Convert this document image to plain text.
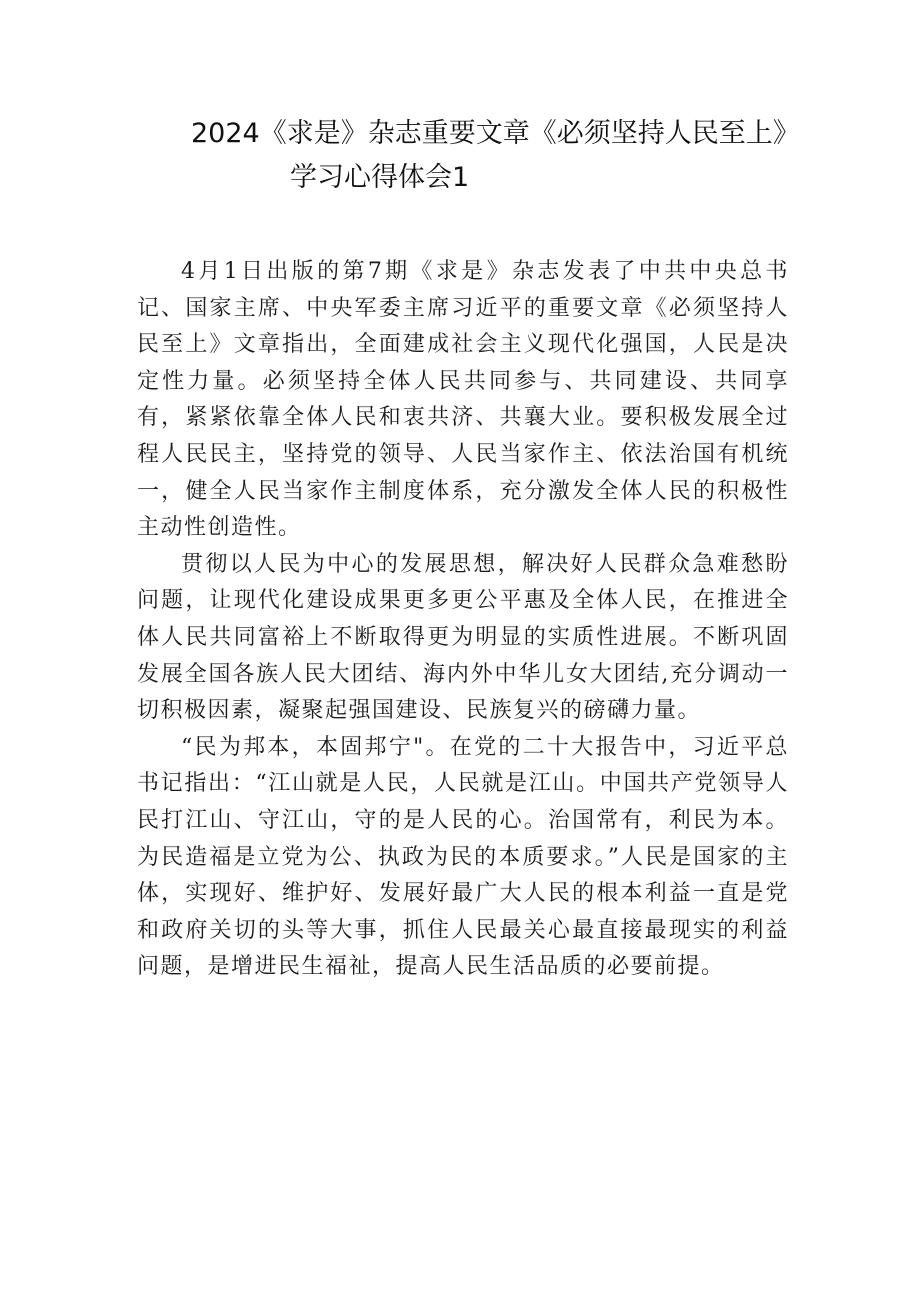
2024《求是》杂志重要文章《必须坚持人民至上》
学习心得体会1

4月1日出版的第7期《求是》杂志发表了中共中央总书记、国家主席、中央军委主席习近平的重要文章《必须坚持人民至上》文章指出，全面建成社会主义现代化强国，人民是决定性力量。必须坚持全体人民共同参与、共同建设、共同享有，紧紧依靠全体人民和衷共济、共襄大业。要积极发展全过程人民民主，坚持党的领导、人民当家作主、依法治国有机统一，健全人民当家作主制度体系，充分激发全体人民的积极性主动性创造性。

贯彻以人民为中心的发展思想，解决好人民群众急难愁盼问题，让现代化建设成果更多更公平惠及全体人民，在推进全体人民共同富裕上不断取得更为明显的实质性进展。不断巩固发展全国各族人民大团结、海内外中华儿女大团结,充分调动一切积极因素，凝聚起强国建设、民族复兴的磅礴力量。

“民为邦本，本固邦宁"。在党的二十大报告中，习近平总书记指出：“江山就是人民，人民就是江山。中国共产党领导人民打江山、守江山，守的是人民的心。治国常有，利民为本。为民造福是立党为公、执政为民的本质要求。”人民是国家的主体，实现好、维护好、发展好最广大人民的根本利益一直是党和政府关切的头等大事，抓住人民最关心最直接最现实的利益问题，是增进民生福祉，提高人民生活品质的必要前提。
